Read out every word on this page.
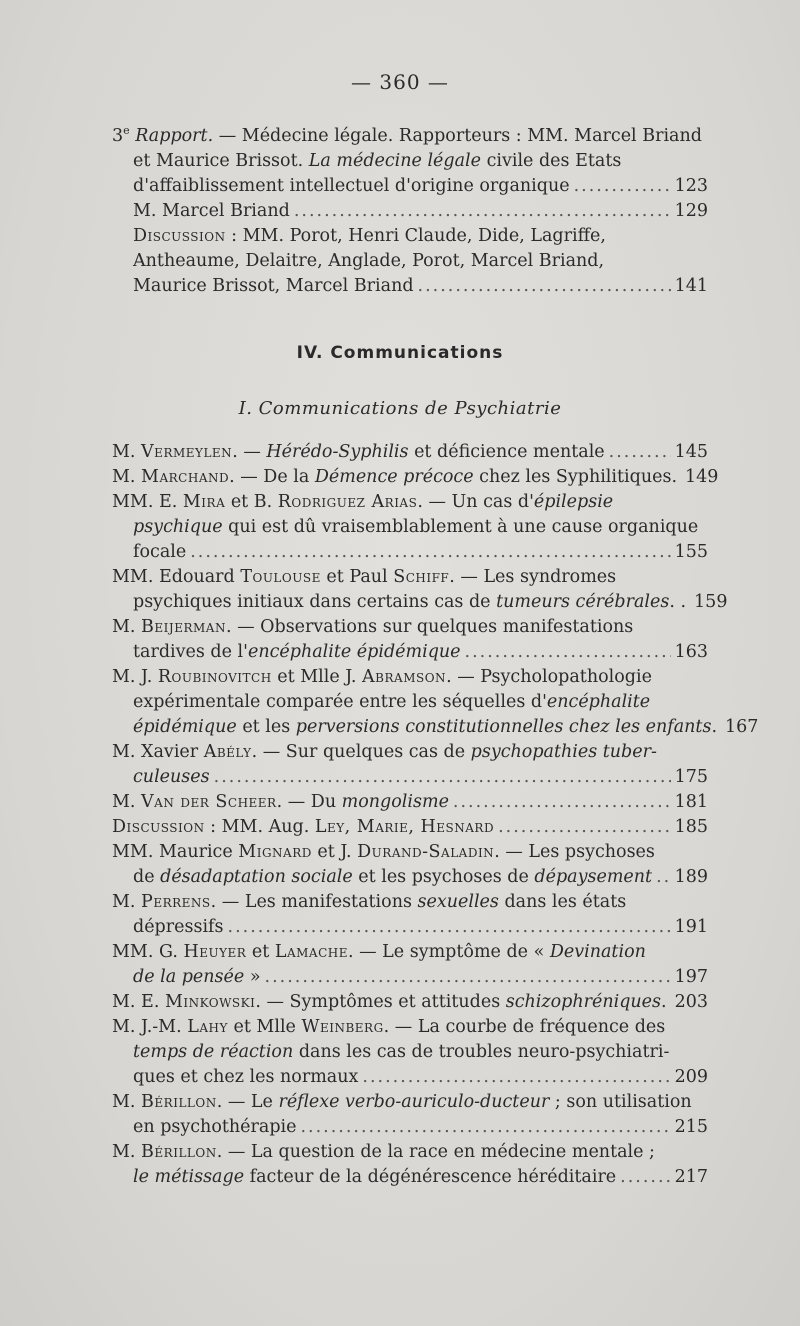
— 360 —
3e Rapport. — Médecine légale. Rapporteurs : MM. Marcel Briand
et Maurice Brissot. La médecine légale civile des Etats
d'affaiblissement intellectuel d'origine organique .....	123
M. Marcel Briand .....	129
Discussion : MM. Porot, Henri Claude, Dide, Lagriffe,
Antheaume, Delaitre, Anglade, Porot, Marcel Briand,
Maurice Brissot, Marcel Briand .....	141
IV. Communications
I. Communications de Psychiatrie
M. Vermeylen. — Hérédo-Syphilis et déficience mentale .....	145
M. Marchand. — De la Démence précoce chez les Syphilitiques. 149
MM. E. Mira et B. Rodriguez Arias. — Un cas d'épilepsie
psychique qui est dû vraisemblablement à une cause organique
focale .....	155
MM. Edouard Toulouse et Paul Schiff. — Les syndromes
psychiques initiaux dans certains cas de tumeurs cérébrales. . 159
M. Beijerman. — Observations sur quelques manifestations
tardives de l'encéphalite épidémique .....	163
M. J. Roubinovitch et Mlle J. Abramson. — Psycholopathologie
expérimentale comparée entre les séquelles d'encéphalite
épidémique et les perversions constitutionnelles chez les enfants. 167
M. Xavier Abély. — Sur quelques cas de psychopathies tuber-
culeuses .....	175
M. Van der Scheer. — Du mongolisme .....	181
Discussion : MM. Aug. Ley, Marie, Hesnard .....	185
MM. Maurice Mignard et J. Durand-Saladin. — Les psychoses
de désadaptation sociale et les psychoses de dépaysement ..... 189
M. Perrens. — Les manifestations sexuelles dans les états
dépressifs .....	191
MM. G. Heuyer et Lamache. — Le symptôme de « Devination
de la pensée » .....	197
M. E. Minkowski. — Symptômes et attitudes schizophréniques. 203
M. J.-M. Lahy et Mlle Weinberg. — La courbe de fréquence des
temps de réaction dans les cas de troubles neuro-psychiatri-
ques et chez les normaux .....	209
M. Bérillon. — Le réflexe verbo-auriculo-ducteur ; son utilisation
en psychothérapie .....	215
M. Bérillon. — La question de la race en médecine mentale ;
le métissage facteur de la dégénérescence héréditaire .....	217
